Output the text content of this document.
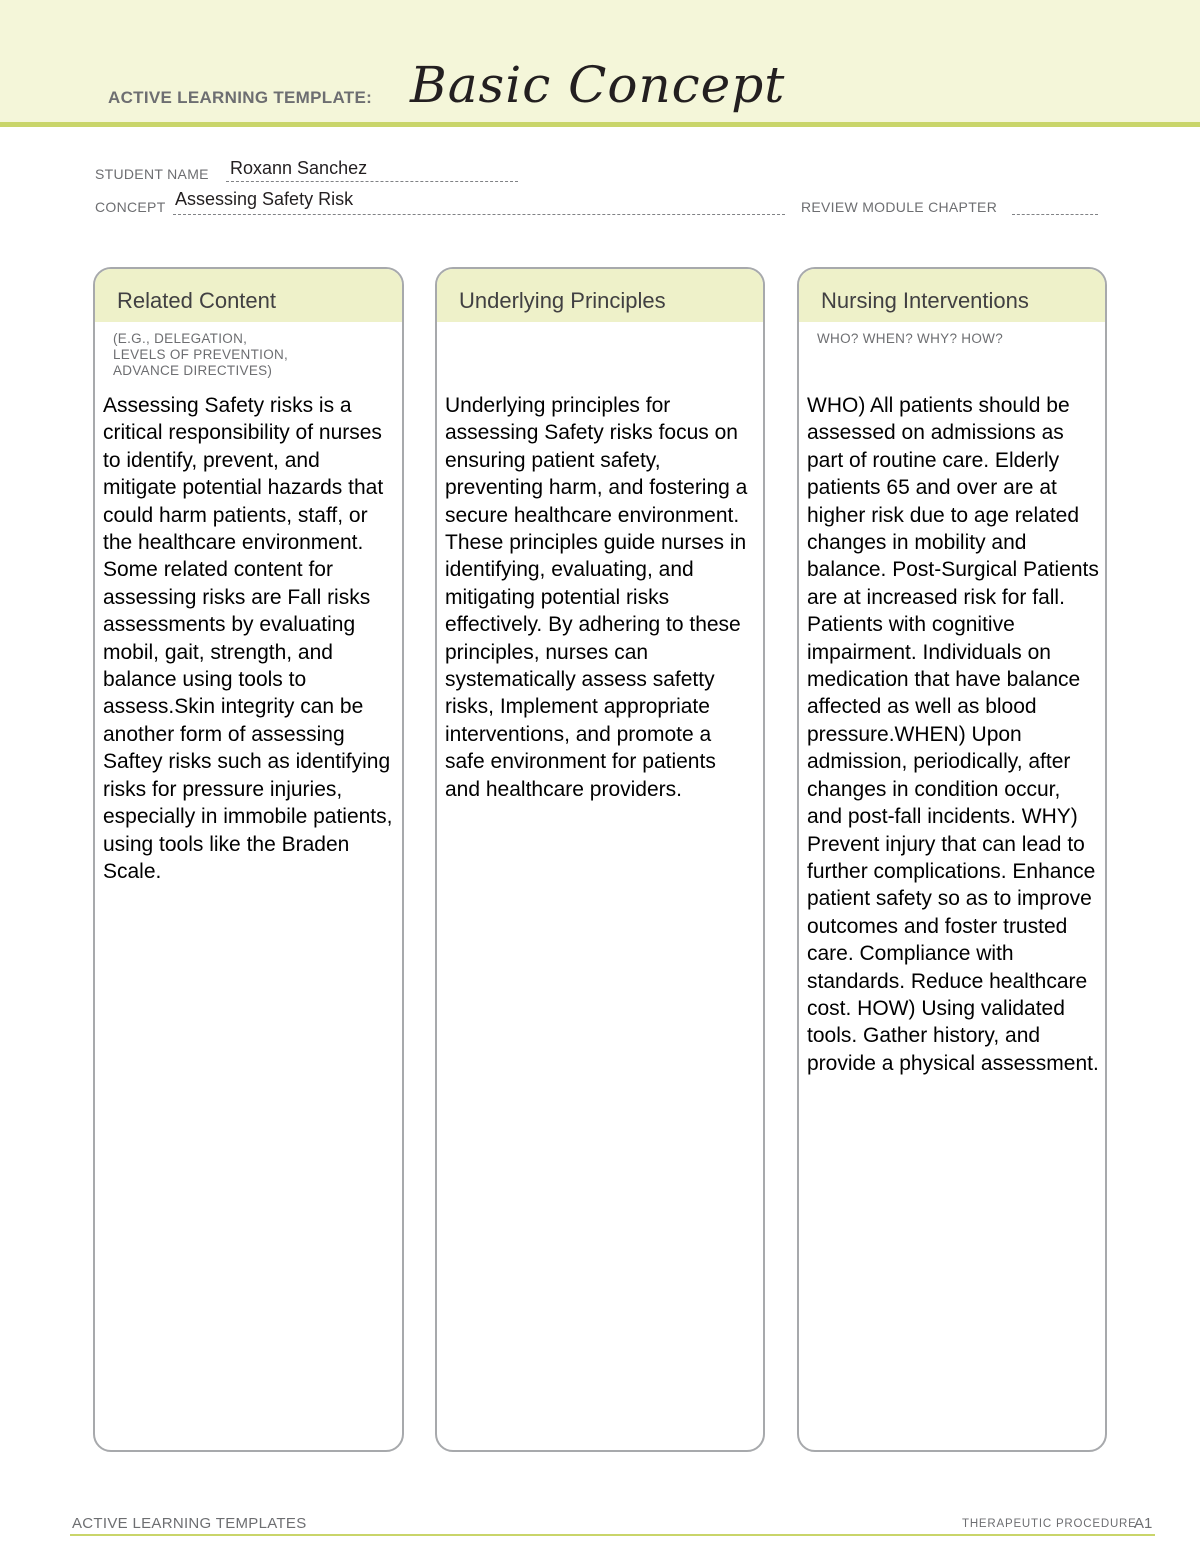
ACTIVE LEARNING TEMPLATE: Basic Concept
STUDENT NAME Roxann Sanchez
CONCEPT Assessing Safety Risk	REVIEW MODULE CHAPTER
Related Content
(E.G., DELEGATION,
LEVELS OF PREVENTION,
ADVANCE DIRECTIVES)
Assessing Safety risks is a critical responsibility of nurses to identify, prevent, and mitigate potential hazards that could harm patients, staff, or the healthcare environment. Some related content for assessing risks are Fall risks assessments by evaluating mobil, gait, strength, and balance using tools to assess.Skin integrity can be another form of assessing Saftey risks such as identifying risks for pressure injuries, especially in immobile patients, using tools like the Braden Scale.
Underlying Principles
Underlying principles for assessing Safety risks focus on ensuring patient safety, preventing harm, and fostering a secure healthcare environment. These principles guide nurses in identifying, evaluating, and mitigating potential risks effectively. By adhering to these principles, nurses can systematically assess safetty risks, Implement appropriate interventions, and promote a safe environment for patients and healthcare providers.
Nursing Interventions
WHO? WHEN? WHY? HOW?
WHO) All patients should be assessed on admissions as part of routine care. Elderly patients 65 and over are at higher risk due to age related changes in mobility and balance. Post-Surgical Patients are at increased risk for fall. Patients with cognitive impairment. Individuals on medication that have balance affected as well as blood pressure.WHEN) Upon admission, periodically, after changes in condition occur, and post-fall incidents. WHY) Prevent injury that can lead to further complications. Enhance patient safety so as to improve outcomes and foster trusted care. Compliance with standards. Reduce healthcare cost. HOW) Using validated tools. Gather history, and provide a physical assessment.
ACTIVE LEARNING TEMPLATES	THERAPEUTIC PROCEDURE
A1
